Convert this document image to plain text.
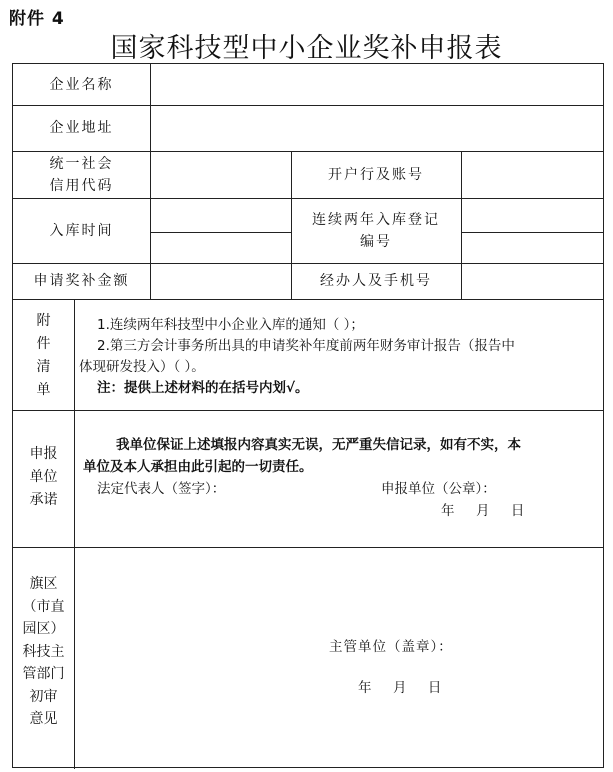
附件 4
国家科技型中小企业奖补申报表
企业名称
企业地址
统一社会
信用代码
开户行及账号
入库时间
连续两年入库登记
编号
申请奖补金额	经办人及手机号
附
件
清
单
1.连续两年科技型中小企业入库的通知（ ）；
2.第三方会计事务所出具的申请奖补年度前两年财务审计报告（报告中
体现研发投入）（ ）。
注：提供上述材料的在括号内划√。
申报
单位
承诺
我单位保证上述填报内容真实无误，无严重失信记录，如有不实，本
单位及本人承担由此引起的一切责任。
法定代表人（签字）：	申报单位（公章）：
年     月     日
旗区
（市直
园区）
科技主
管部门
初审
意见
主管单位（盖章）：
年     月     日
